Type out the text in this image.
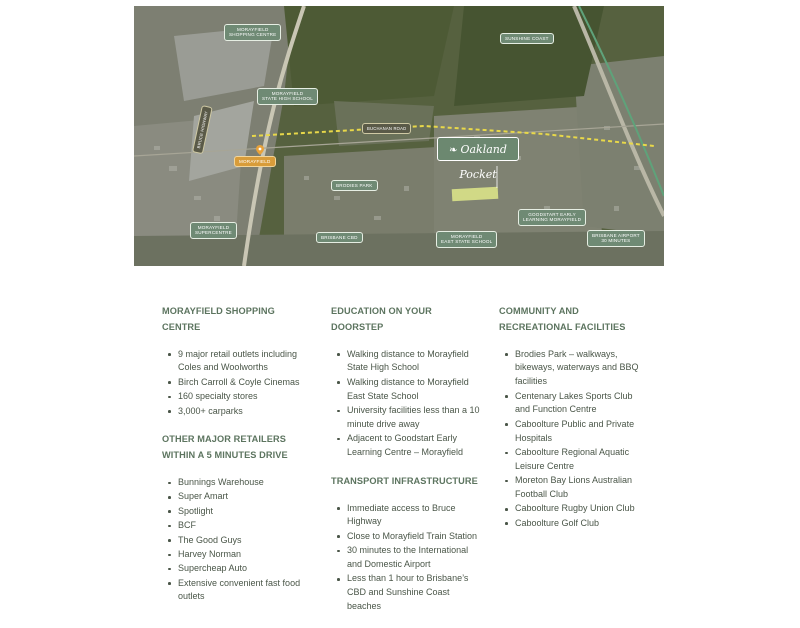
MORAYFIELD
SHOPPING CENTRE
SUNSHINE COAST
MORAYFIELD
STATE HIGH SCHOOL
BUCHANAN ROAD
BRUCE HIGHWAY
MORAYFIELD
BRODIES PARK
GOODSTART EARLY
LEARNING MORAYFIELD
MORAYFIELD
SUPERCENTRE
BRISBANE CBD	MORAYFIELD
EAST STATE SCHOOL
BRISBANE AIRPORT
30 MINUTES
❧ Oakland Pocket
MORAYFIELD SHOPPING CENTRE
9 major retail outlets including Coles and Woolworths
Birch Carroll & Coyle Cinemas
160 specialty stores
3,000+ carparks
OTHER MAJOR RETAILERS WITHIN A 5 MINUTES DRIVE
Bunnings Warehouse
Super Amart
Spotlight
BCF
The Good Guys
Harvey Norman
Supercheap Auto
Extensive convenient fast food outlets
EDUCATION ON YOUR DOORSTEP
Walking distance to Morayfield State High School
Walking distance to Morayfield East State School
University facilities less than a 10 minute drive away
Adjacent to Goodstart Early Learning Centre – Morayfield
TRANSPORT INFRASTRUCTURE
Immediate access to Bruce Highway
Close to Morayfield Train Station
30 minutes to the International and Domestic Airport
Less than 1 hour to Brisbane’s CBD and Sunshine Coast beaches
COMMUNITY AND RECREATIONAL FACILITIES
Brodies Park – walkways, bikeways, waterways and BBQ facilities
Centenary Lakes Sports Club and Function Centre
Caboolture Public and Private Hospitals
Caboolture Regional Aquatic Leisure Centre
Moreton Bay Lions Australian Football Club
Caboolture Rugby Union Club
Caboolture Golf Club
